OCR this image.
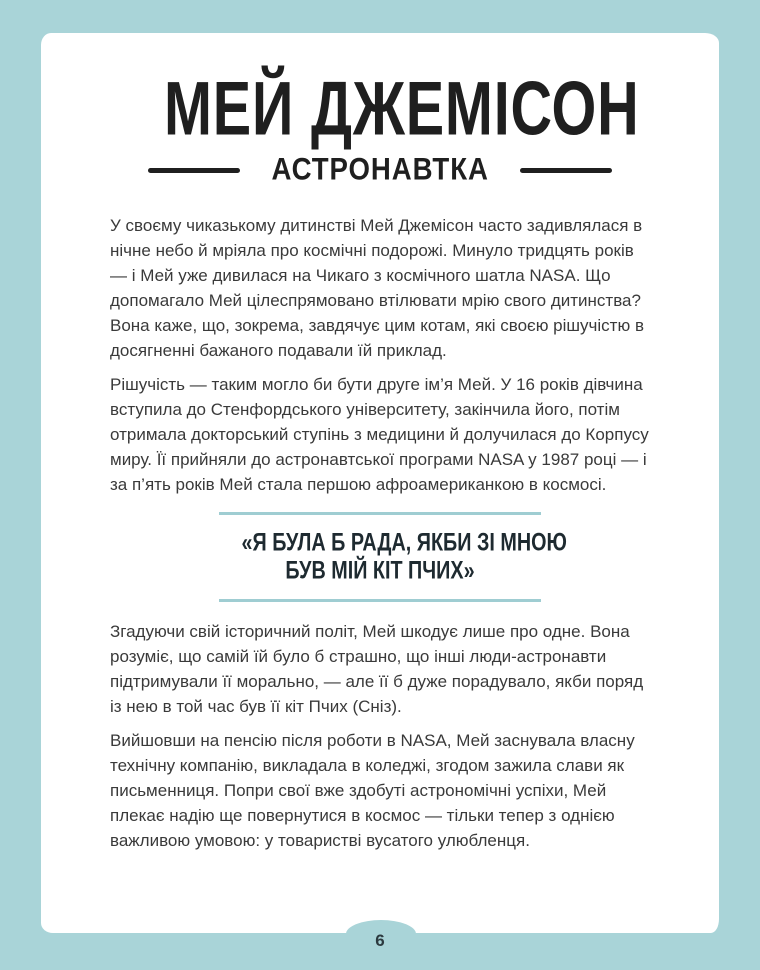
МЕЙ ДЖЕМІСОН
АСТРОНАВТКА

У своєму чиказькому дитинстві Мей Джемісон часто задивлялася в нічне небо й мріяла про космічні подорожі. Минуло тридцять років — і Мей уже дивилася на Чикаго з космічного шатла NASA. Що допомагало Мей цілеспрямовано втілювати мрію свого дитинства? Вона каже, що, зокрема, завдячує цим котам, які своєю рішучістю в досягненні бажаного подавали їй приклад.

Рішучість — таким могло би бути друге ім’я Мей. У 16 років дівчина вступила до Стенфордського університету, закінчила його, потім отримала докторський ступінь з медицини й долучилася до Корпусу миру. Її прийняли до астронавтської програми NASA у 1987 році — і за п’ять років Мей стала першою афроамериканкою в космосі.

«Я БУЛА Б РАДА, ЯКБИ ЗІ МНОЮ
БУВ МІЙ КІТ ПЧИХ»

Згадуючи свій історичний політ, Мей шкодує лише про одне. Вона розуміє, що самій їй було б страшно, що інші люди-астронавти підтримували її морально, — але її б дуже порадувало, якби поряд із нею в той час був її кіт Пчих (Сніз).

Вийшовши на пенсію після роботи в NASA, Мей заснувала власну технічну компанію, викладала в коледжі, згодом зажила слави як письменниця. Попри свої вже здобуті астрономічні успіхи, Мей плекає надію ще повернутися в космос — тільки тепер з однією важливою умовою: у товаристві вусатого улюбленця.

6
